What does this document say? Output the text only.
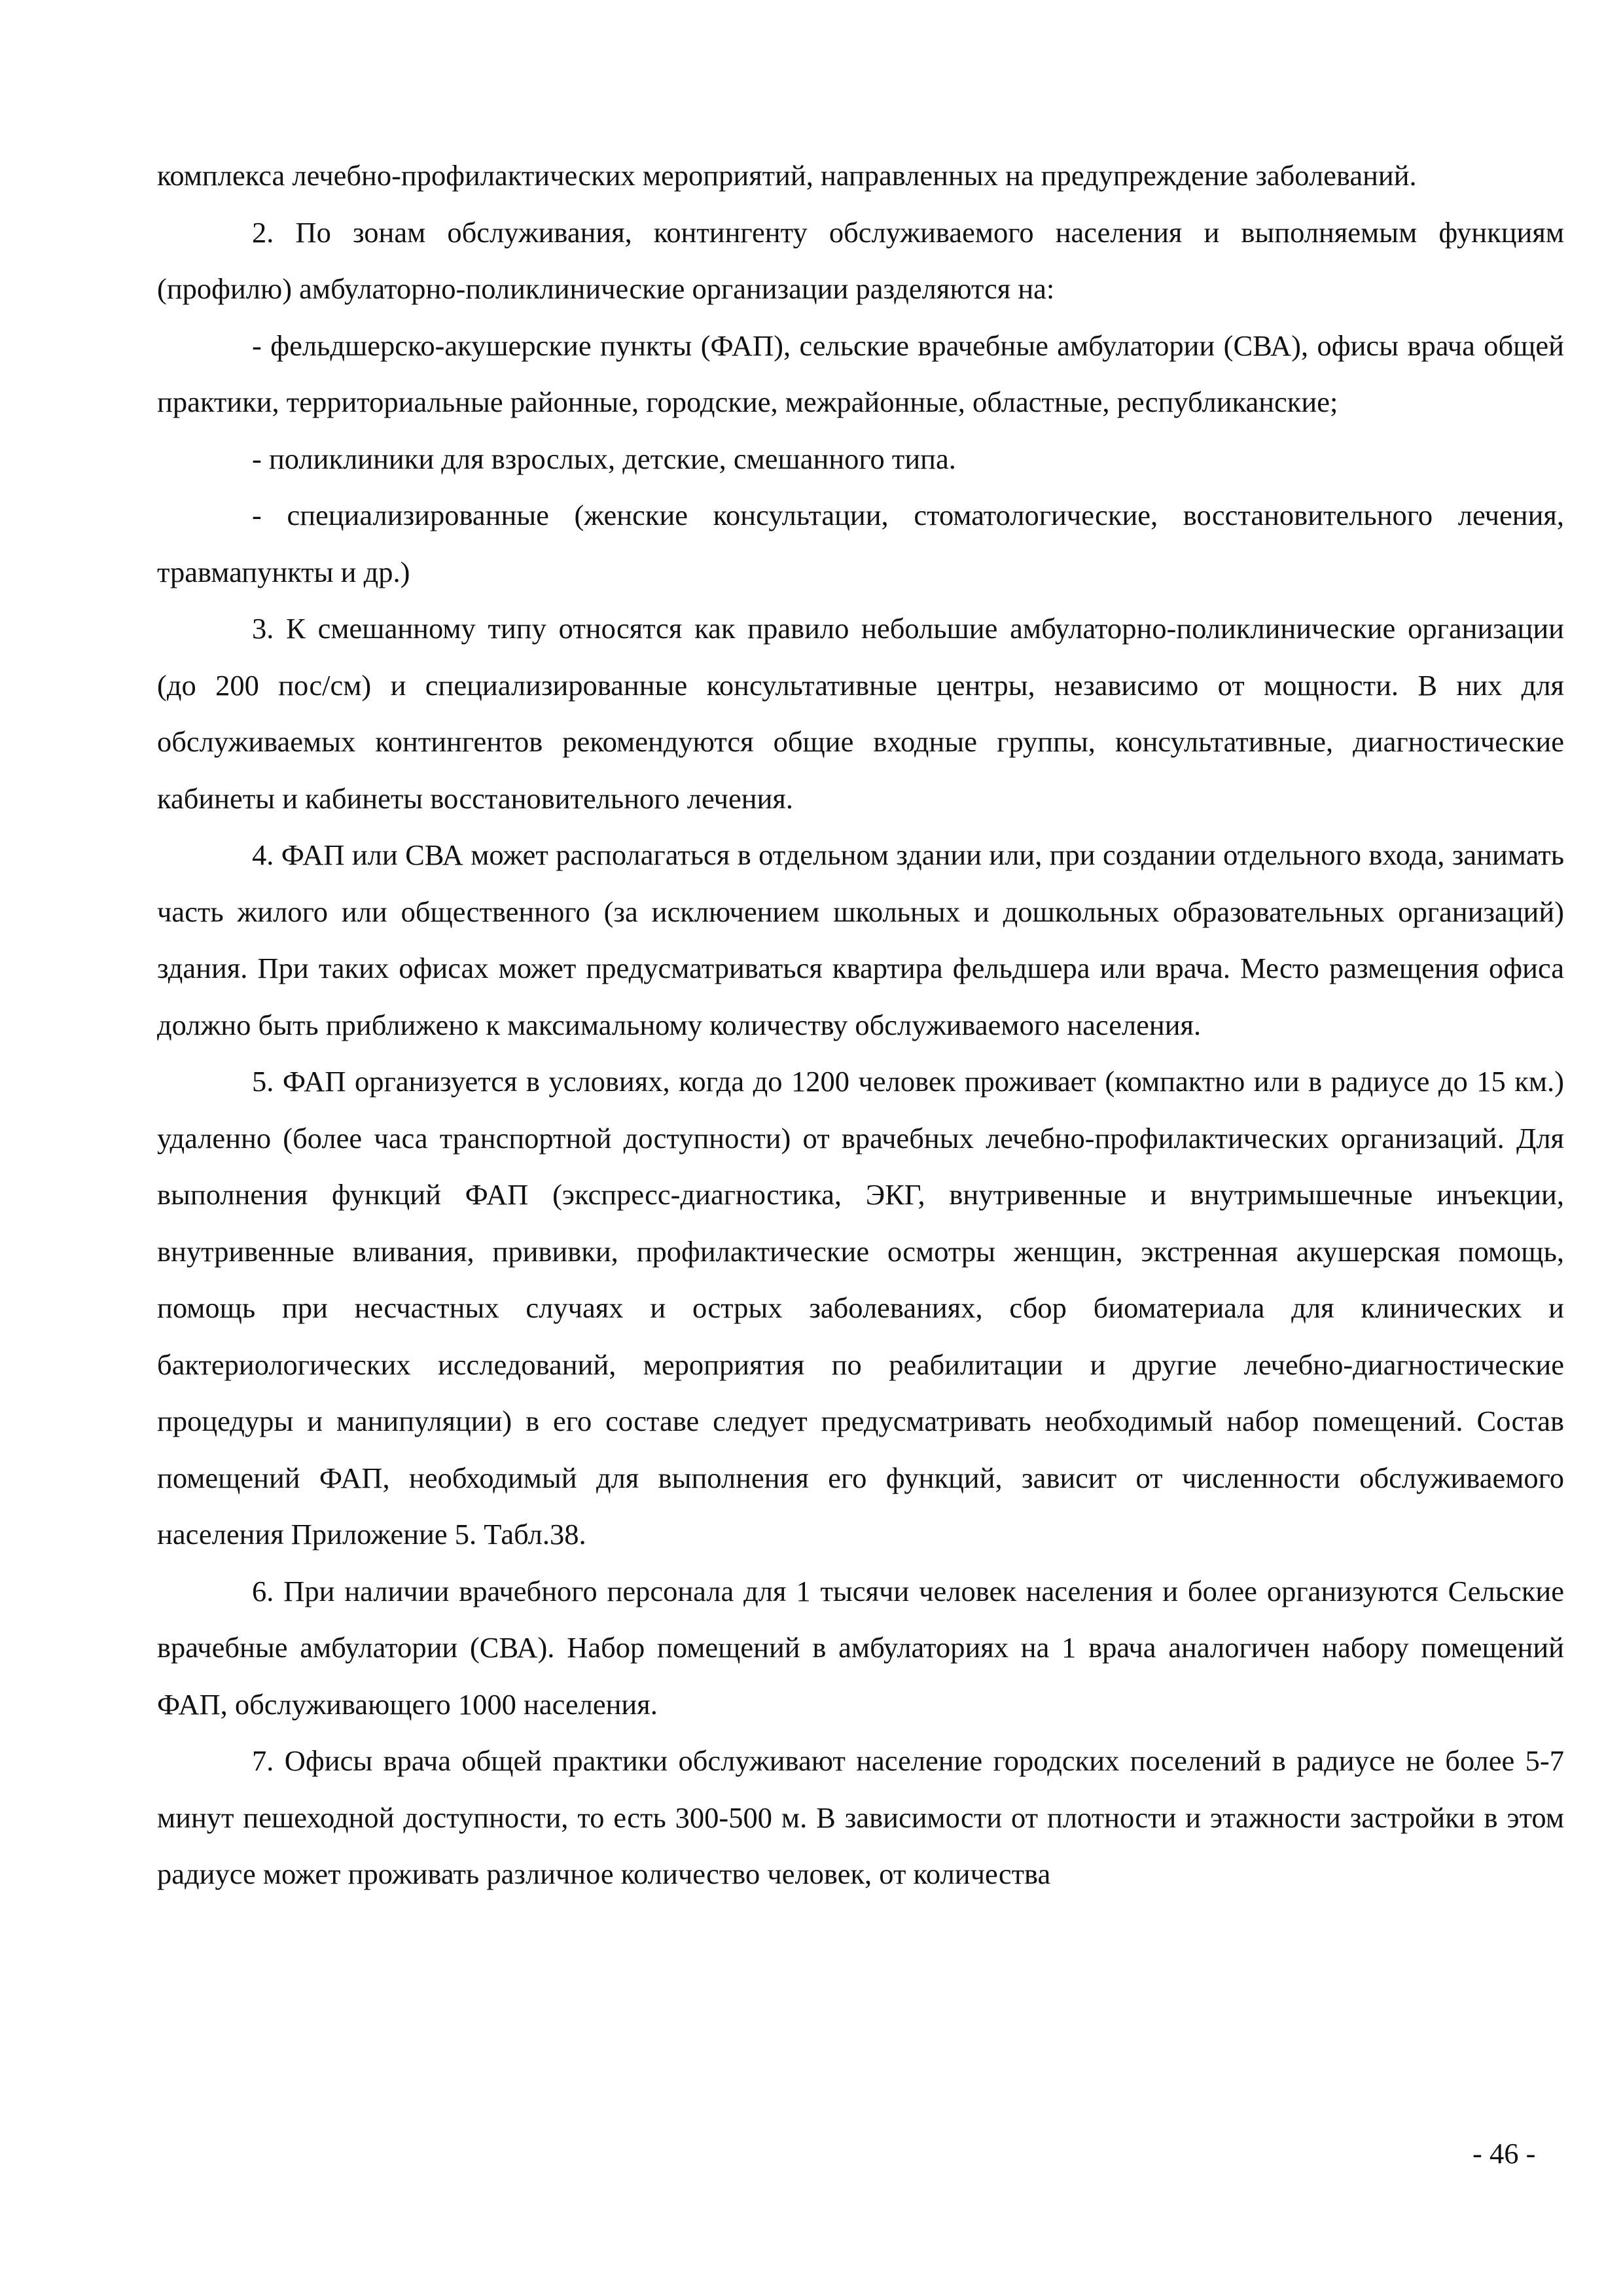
комплекса лечебно-профилактических мероприятий, направленных на предупреждение заболеваний.

2. По зонам обслуживания, контингенту обслуживаемого населения и выполняемым функциям (профилю) амбулаторно-поликлинические организации разделяются на:

- фельдшерско-акушерские пункты (ФАП), сельские врачебные амбулатории (СВА), офисы врача общей практики, территориальные районные, городские, межрайонные, областные, республиканские;

- поликлиники для взрослых, детские, смешанного типа.

- специализированные (женские консультации, стоматологические, восстановительного лечения, травмапункты и др.)

3. К смешанному типу относятся как правило небольшие амбулаторно-поликлинические организации (до 200 пос/см) и специализированные консультативные центры, независимо от мощности. В них для обслуживаемых контингентов рекомендуются общие входные группы, консультативные, диагностические кабинеты и кабинеты восстановительного лечения.

4. ФАП или СВА может располагаться в отдельном здании или, при создании отдельного входа, занимать часть жилого или общественного (за исключением школьных и дошкольных образовательных организаций) здания. При таких офисах может предусматриваться квартира фельдшера или врача. Место размещения офиса должно быть приближено к максимальному количеству обслуживаемого населения.

5. ФАП организуется в условиях, когда до 1200 человек проживает (компактно или в радиусе до 15 км.) удаленно (более часа транспортной доступности) от врачебных лечебно-профилактических организаций. Для выполнения функций ФАП (экспресс-диагностика, ЭКГ, внутривенные и внутримышечные инъекции, внутривенные вливания, прививки, профилактические осмотры женщин, экстренная акушерская помощь, помощь при несчастных случаях и острых заболеваниях, сбор биоматериала для клинических и бактериологических исследований, мероприятия по реабилитации и другие лечебно-диагностические процедуры и манипуляции) в его составе следует предусматривать необходимый набор помещений. Состав помещений ФАП, необходимый для выполнения его функций, зависит от численности обслуживаемого населения Приложение 5. Табл.38.

6. При наличии врачебного персонала для 1 тысячи человек населения и более организуются Сельские врачебные амбулатории (СВА). Набор помещений в амбулаториях на 1 врача аналогичен набору помещений ФАП, обслуживающего 1000 населения.

7. Офисы врача общей практики обслуживают население городских поселений в радиусе не более 5-7 минут пешеходной доступности, то есть 300-500 м. В зависимости от плотности и этажности застройки в этом радиусе может проживать различное количество человек, от количества

- 46 -
